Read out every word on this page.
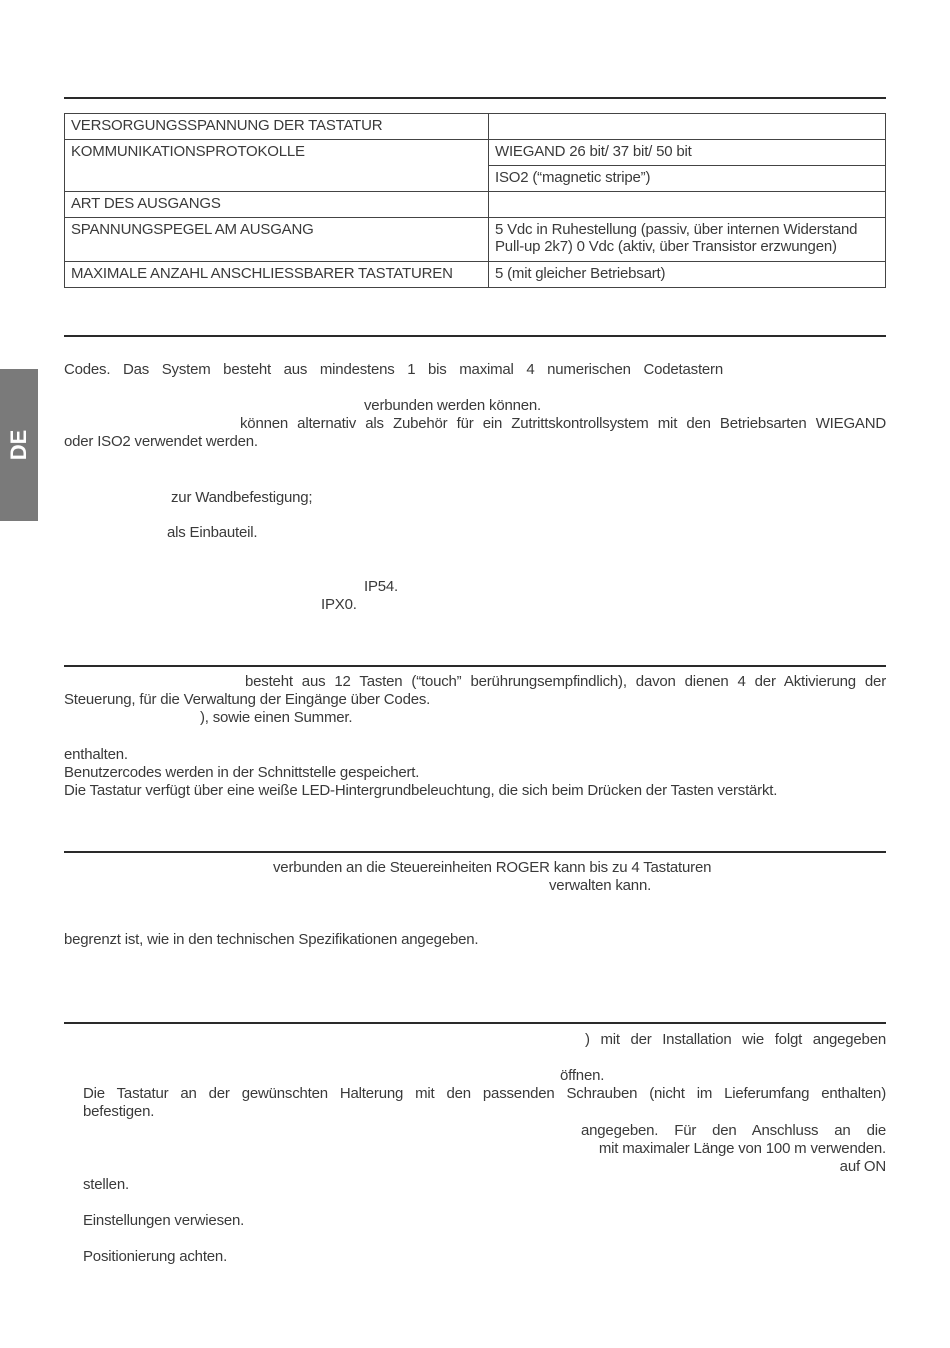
DE
VERSORGUNGSSPANNUNG DER TASTATUR	
KOMMUNIKATIONSPROTOKOLLE	WIEGAND 26 bit/ 37 bit/ 50 bit
	ISO2 (“magnetic stripe”)
ART DES AUSGANGS	
SPANNUNGSPEGEL AM AUSGANG	5 Vdc in Ruhestellung (passiv, über internen Widerstand Pull-up 2k7) 0 Vdc (aktiv, über Transistor erzwungen)
MAXIMALE ANZAHL ANSCHLIESSBARER TASTATUREN	5 (mit gleicher Betriebsart)
Codes. Das System besteht aus mindestens 1 bis maximal 4 numerischen Codetastern
verbunden werden können.
können alternativ als Zubehör für ein Zutrittskontrollsystem mit den Betriebsarten WIEGAND
oder ISO2 verwendet werden.
zur Wandbefestigung;
als Einbauteil.
IP54.
IPX0.
besteht aus 12 Tasten (“touch” berührungsempfindlich), davon dienen 4 der Aktivierung der
Steuerung, für die Verwaltung der Eingänge über Codes.
), sowie einen Summer.
enthalten.
Benutzercodes werden in der Schnittstelle gespeichert.
Die Tastatur verfügt über eine weiße LED-Hintergrundbeleuchtung, die sich beim Drücken der Tasten verstärkt.
verbunden an die Steuereinheiten ROGER kann bis zu 4 Tastaturen
verwalten kann.
begrenzt ist, wie in den technischen Spezifikationen angegeben.
) mit der Installation wie folgt angegeben
öffnen.
Die Tastatur an der gewünschten Halterung mit den passenden Schrauben (nicht im Lieferumfang enthalten)
befestigen.
angegeben. Für den Anschluss an die
mit maximaler Länge von 100 m verwenden.
auf ON
stellen.
Einstellungen verwiesen.
Positionierung achten.
